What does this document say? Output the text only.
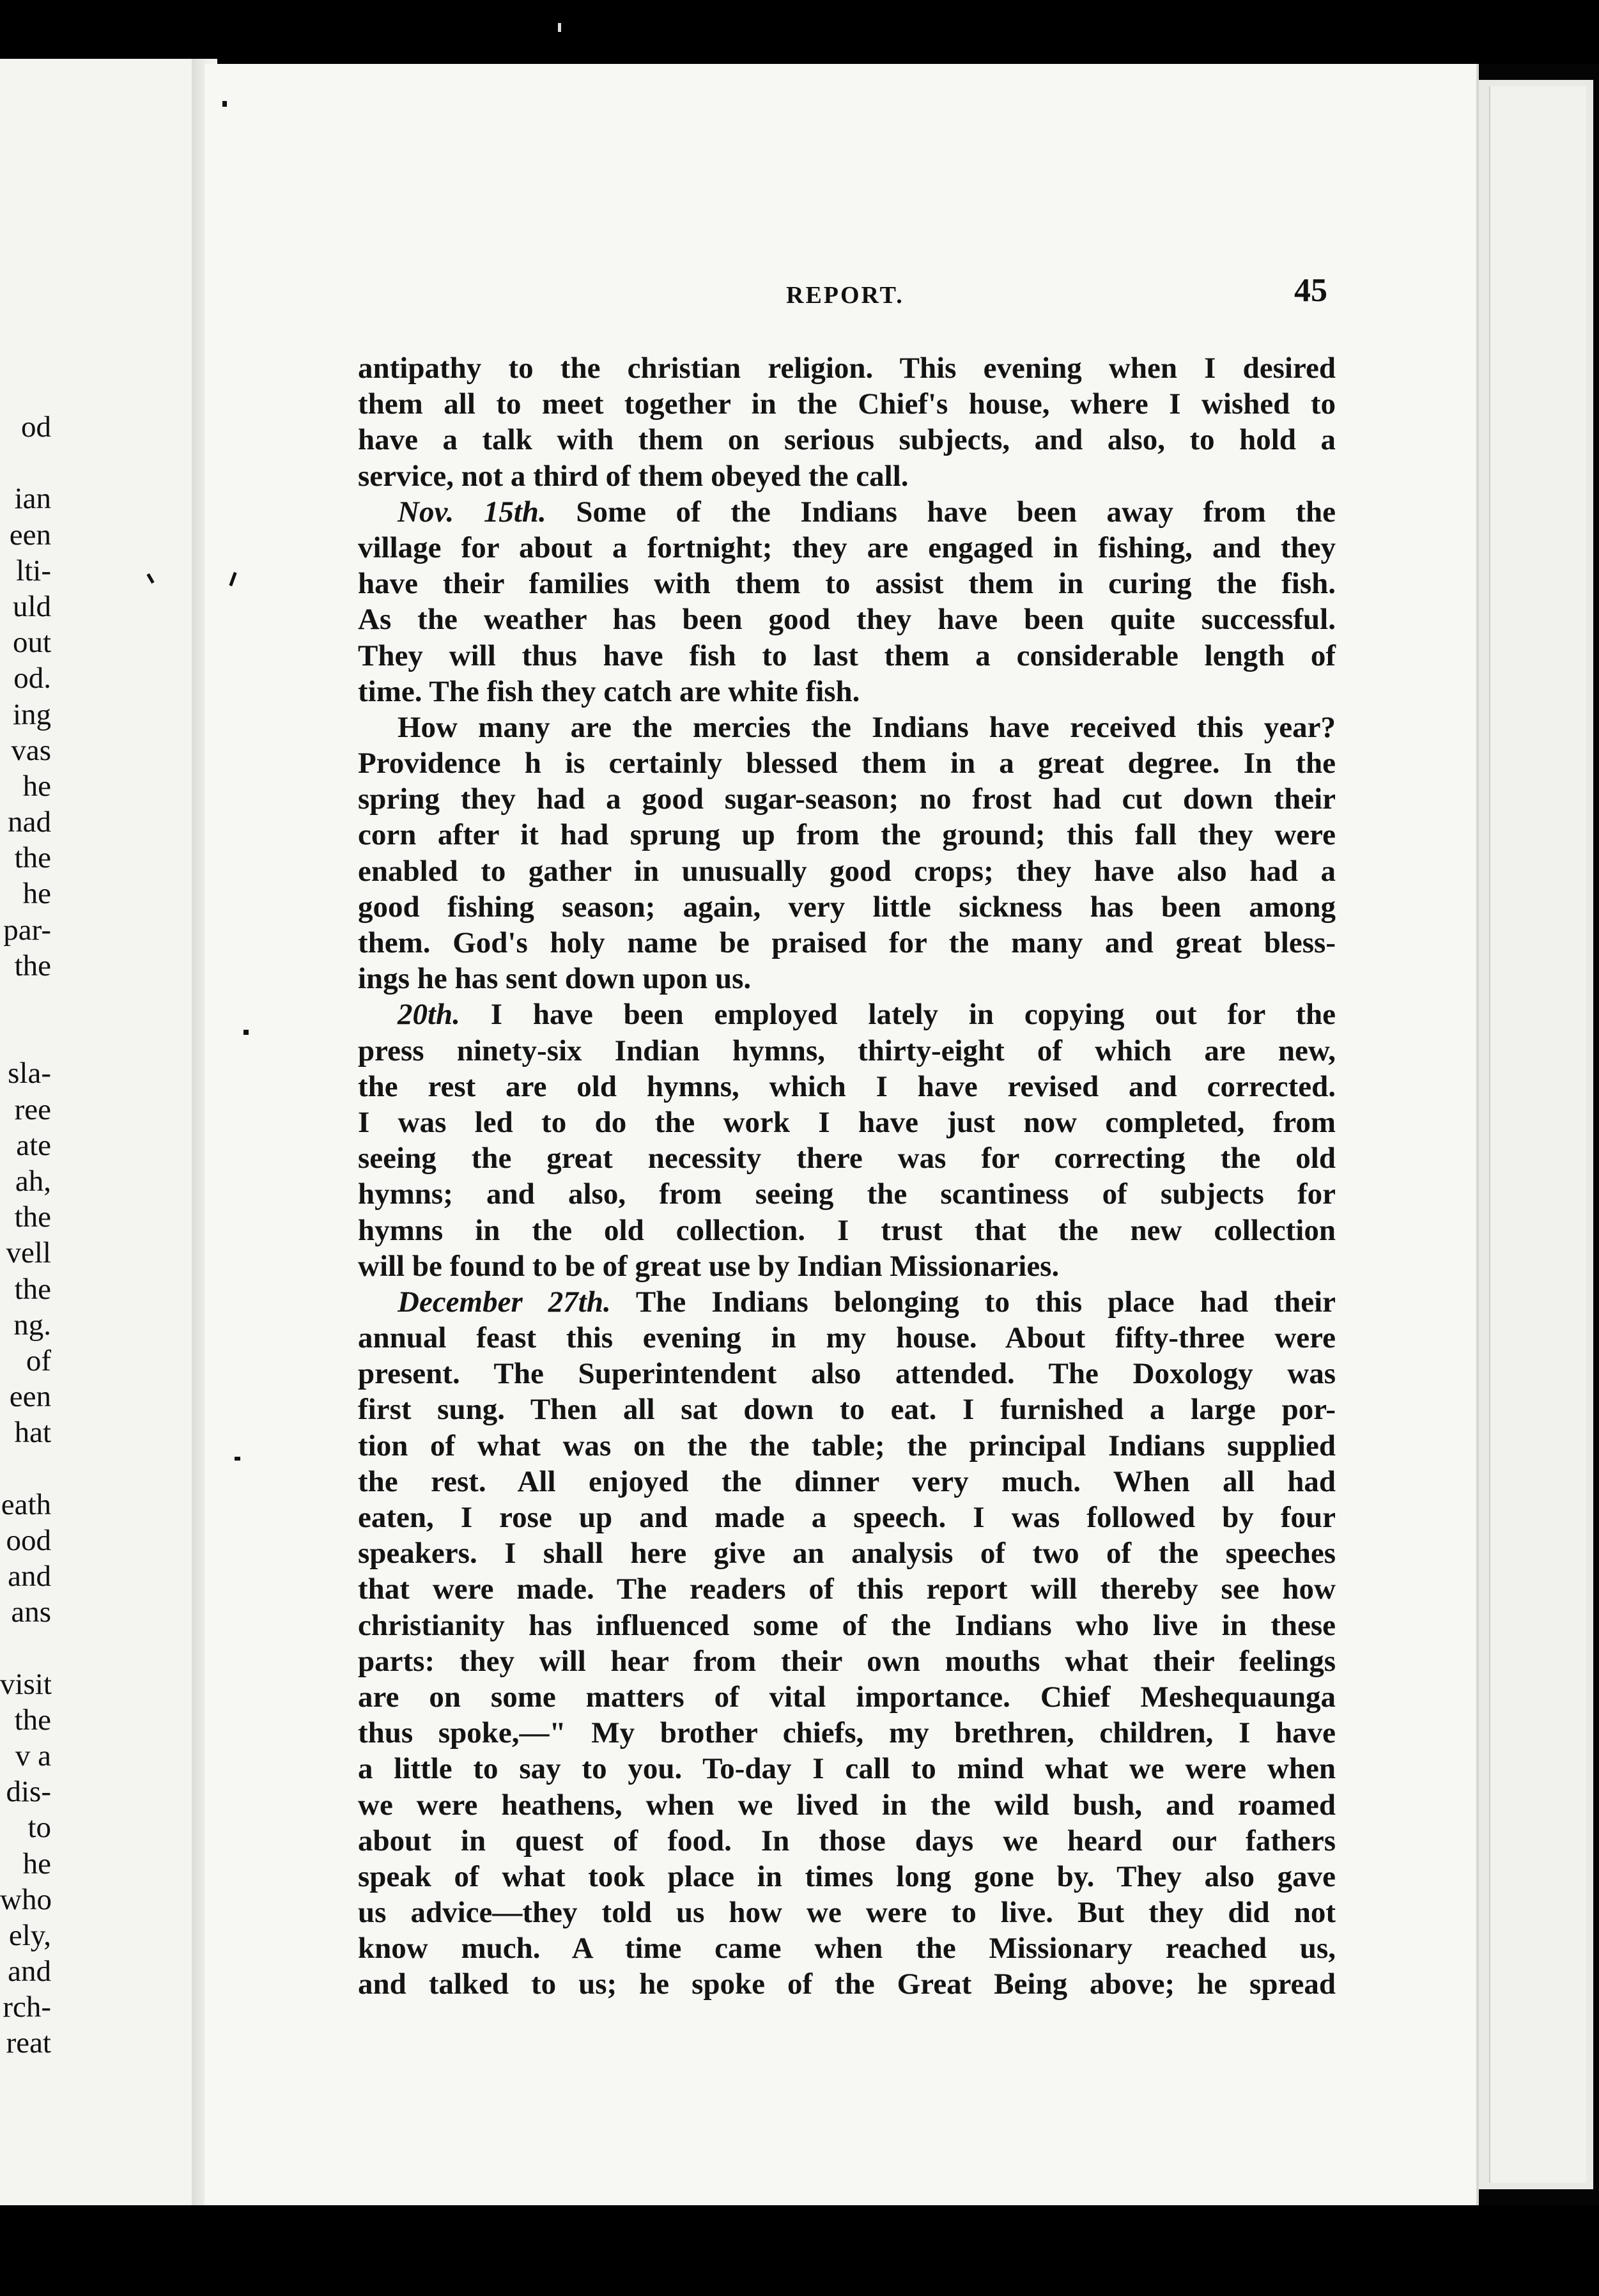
od
ian
een
lti-
uld
out
od.
ing
vas
he
nad
the
he
par-
the
sla-
ree
ate
ah,
the
vell
the
ng.
of
een
hat
eath
ood
and
ans
visit
the
v a
dis-
to
he
who
ely,
and
rch-
reat
REPORT.	45
antipathy to the christian religion. This evening when I desired
them all to meet together in the Chief's house, where I wished to
have a talk with them on serious subjects, and also, to hold a
service, not a third of them obeyed the call.
Nov. 15th. Some of the Indians have been away from the
village for about a fortnight; they are engaged in fishing, and they
have their families with them to assist them in curing the fish.
As the weather has been good they have been quite successful.
They will thus have fish to last them a considerable length of
time. The fish they catch are white fish.
How many are the mercies the Indians have received this year?
Providence h is certainly blessed them in a great degree. In the
spring they had a good sugar-season; no frost had cut down their
corn after it had sprung up from the ground; this fall they were
enabled to gather in unusually good crops; they have also had a
good fishing season; again, very little sickness has been among
them. God's holy name be praised for the many and great bless-
ings he has sent down upon us.
20th. I have been employed lately in copying out for the
press ninety-six Indian hymns, thirty-eight of which are new,
the rest are old hymns, which I have revised and corrected.
I was led to do the work I have just now completed, from
seeing the great necessity there was for correcting the old
hymns; and also, from seeing the scantiness of subjects for
hymns in the old collection. I trust that the new collection
will be found to be of great use by Indian Missionaries.
December 27th. The Indians belonging to this place had their
annual feast this evening in my house. About fifty-three were
present. The Superintendent also attended. The Doxology was
first sung. Then all sat down to eat. I furnished a large por-
tion of what was on the the table; the principal Indians supplied
the rest. All enjoyed the dinner very much. When all had
eaten, I rose up and made a speech. I was followed by four
speakers. I shall here give an analysis of two of the speeches
that were made. The readers of this report will thereby see how
christianity has influenced some of the Indians who live in these
parts: they will hear from their own mouths what their feelings
are on some matters of vital importance. Chief Meshequaunga
thus spoke,—" My brother chiefs, my brethren, children, I have
a little to say to you. To-day I call to mind what we were when
we were heathens, when we lived in the wild bush, and roamed
about in quest of food. In those days we heard our fathers
speak of what took place in times long gone by. They also gave
us advice—they told us how we were to live. But they did not
know much. A time came when the Missionary reached us,
and talked to us; he spoke of the Great Being above; he spread
